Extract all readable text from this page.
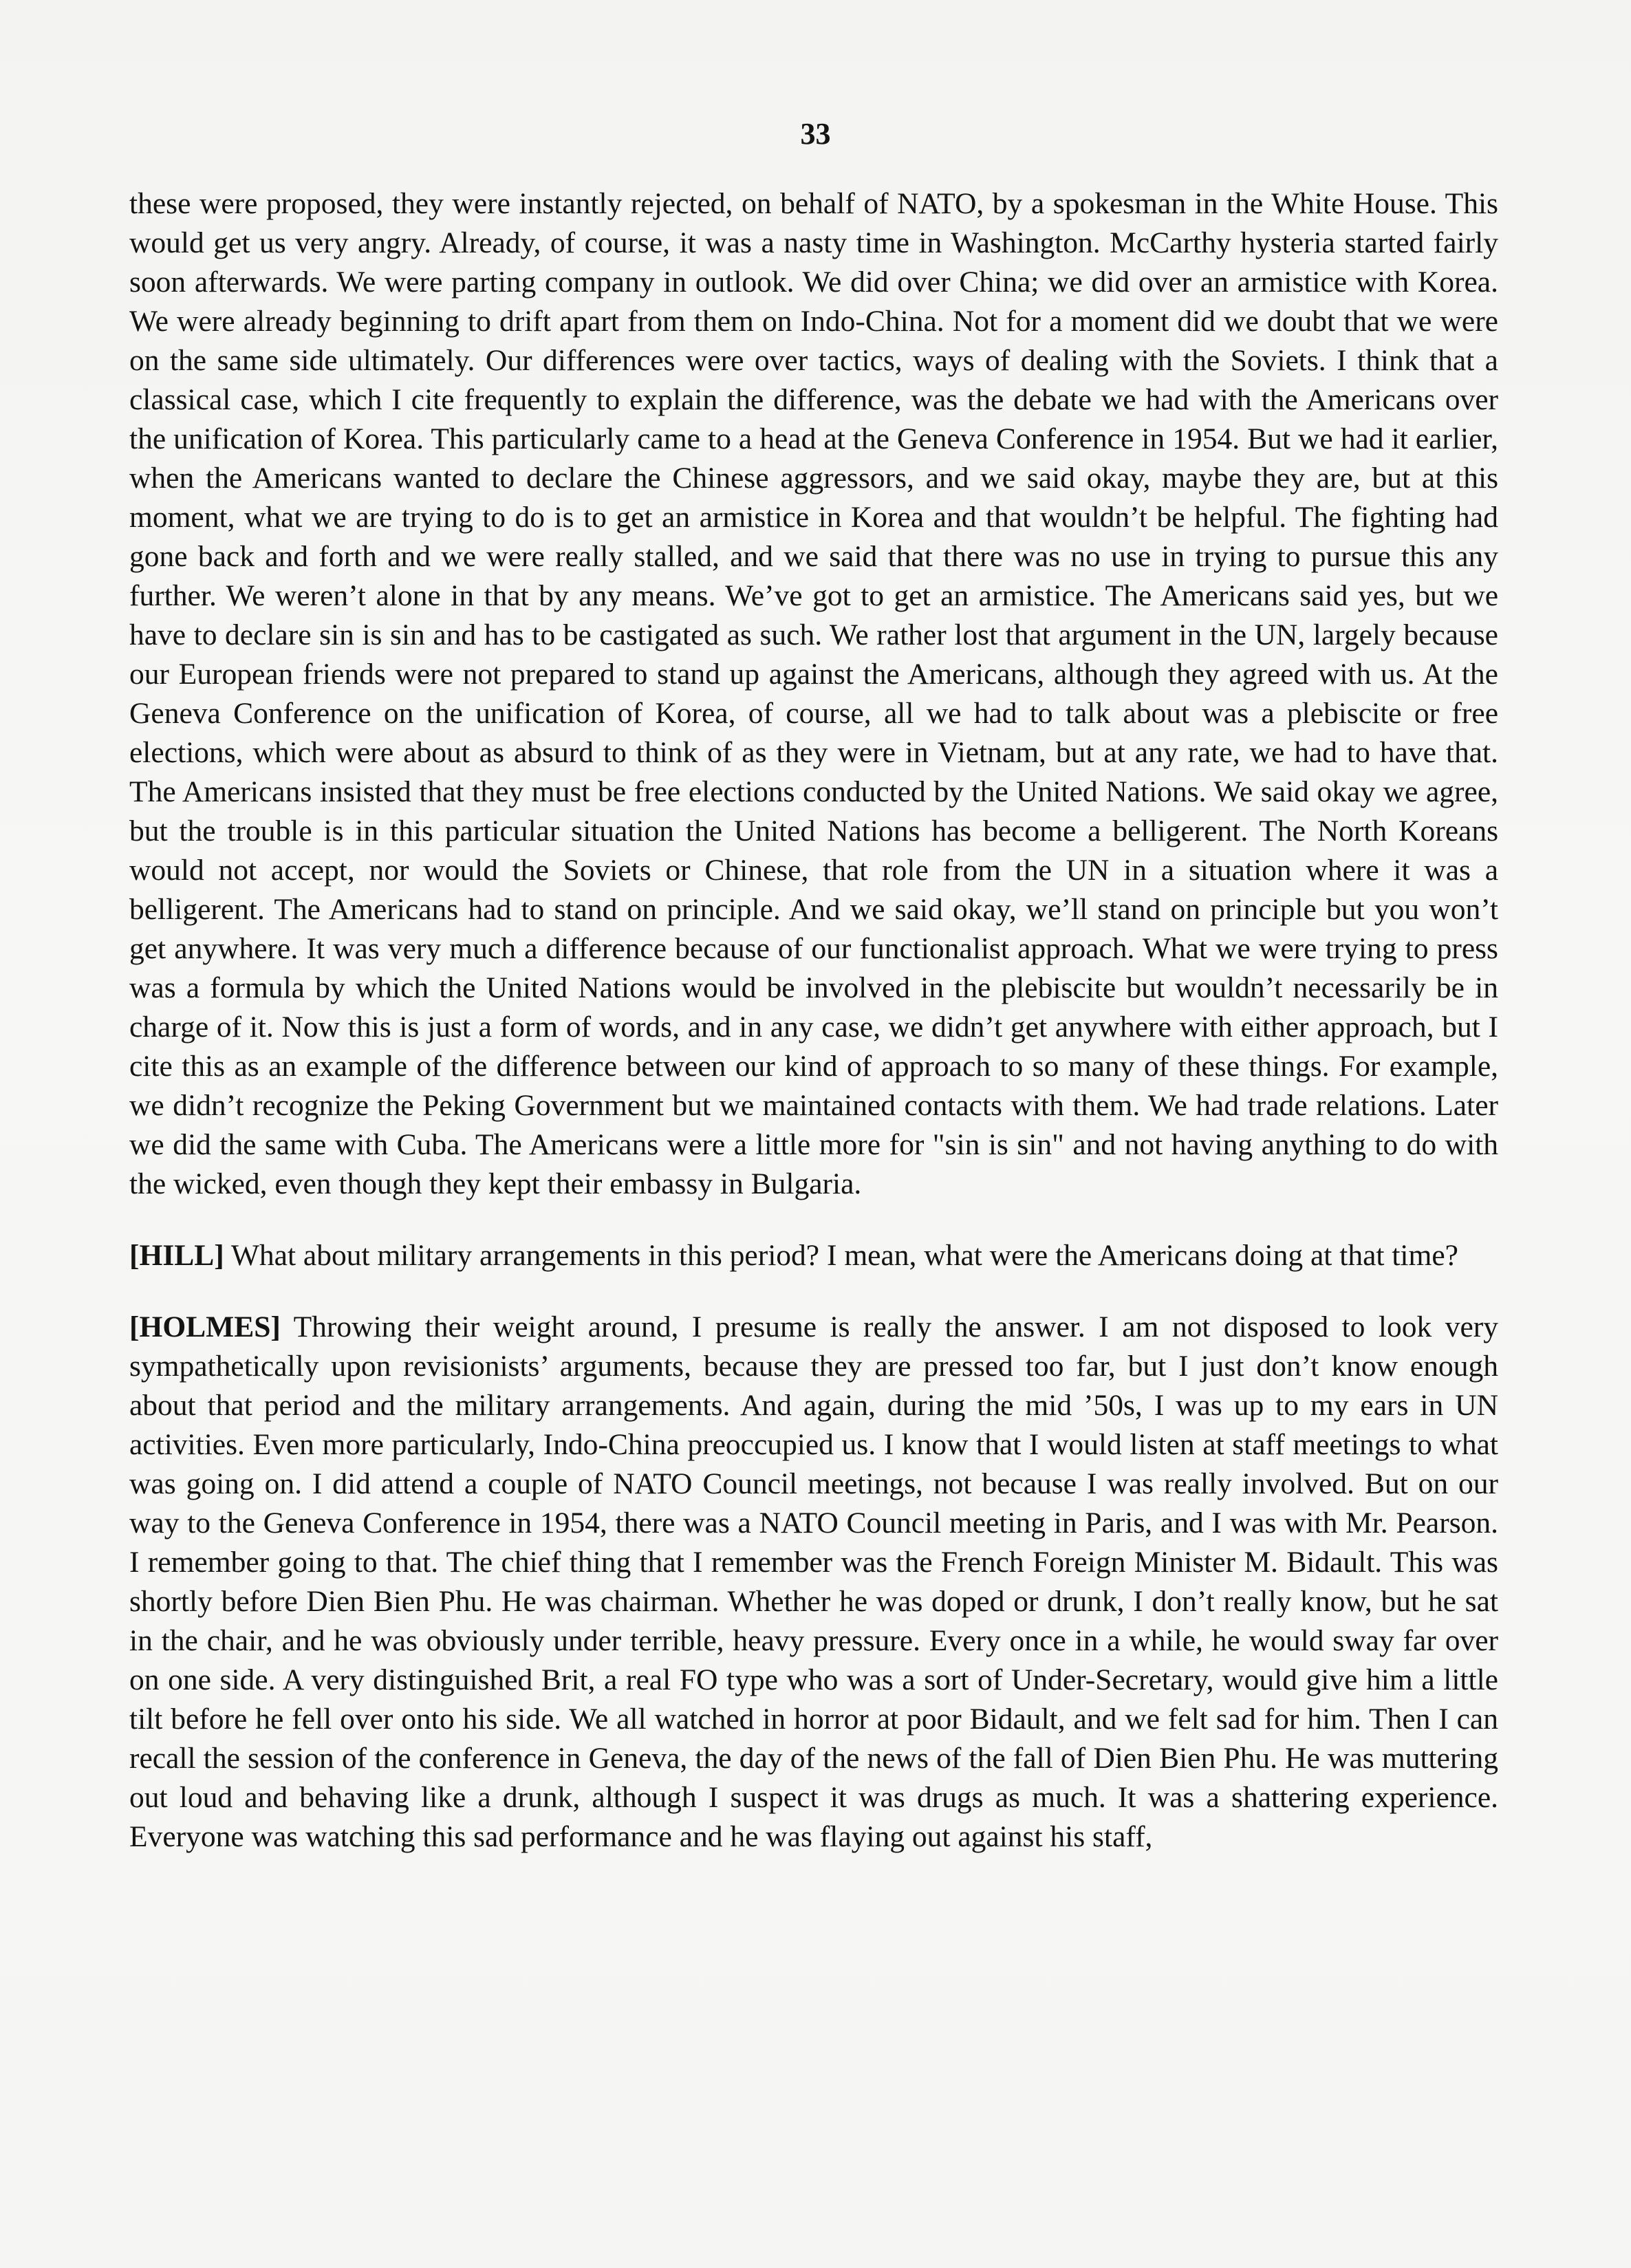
33

these were proposed, they were instantly rejected, on behalf of NATO, by a spokesman in the White House. This would get us very angry. Already, of course, it was a nasty time in Washington. McCarthy hysteria started fairly soon afterwards. We were parting company in outlook. We did over China; we did over an armistice with Korea. We were already beginning to drift apart from them on Indo-China. Not for a moment did we doubt that we were on the same side ultimately. Our differences were over tactics, ways of dealing with the Soviets. I think that a classical case, which I cite frequently to explain the difference, was the debate we had with the Americans over the unification of Korea. This particularly came to a head at the Geneva Conference in 1954. But we had it earlier, when the Americans wanted to declare the Chinese aggressors, and we said okay, maybe they are, but at this moment, what we are trying to do is to get an armistice in Korea and that wouldn’t be helpful. The fighting had gone back and forth and we were really stalled, and we said that there was no use in trying to pursue this any further. We weren’t alone in that by any means. We’ve got to get an armistice. The Americans said yes, but we have to declare sin is sin and has to be castigated as such. We rather lost that argument in the UN, largely because our European friends were not prepared to stand up against the Americans, although they agreed with us. At the Geneva Conference on the unification of Korea, of course, all we had to talk about was a plebiscite or free elections, which were about as absurd to think of as they were in Vietnam, but at any rate, we had to have that. The Americans insisted that they must be free elections conducted by the United Nations. We said okay we agree, but the trouble is in this particular situation the United Nations has become a belligerent. The North Koreans would not accept, nor would the Soviets or Chinese, that role from the UN in a situation where it was a belligerent. The Americans had to stand on principle. And we said okay, we’ll stand on principle but you won’t get anywhere. It was very much a difference because of our functionalist approach. What we were trying to press was a formula by which the United Nations would be involved in the plebiscite but wouldn’t necessarily be in charge of it. Now this is just a form of words, and in any case, we didn’t get anywhere with either approach, but I cite this as an example of the difference between our kind of approach to so many of these things. For example, we didn’t recognize the Peking Government but we maintained contacts with them. We had trade relations. Later we did the same with Cuba. The Americans were a little more for "sin is sin" and not having anything to do with the wicked, even though they kept their embassy in Bulgaria.

[HILL] What about military arrangements in this period? I mean, what were the Americans doing at that time?

[HOLMES] Throwing their weight around, I presume is really the answer. I am not disposed to look very sympathetically upon revisionists’ arguments, because they are pressed too far, but I just don’t know enough about that period and the military arrangements. And again, during the mid ’50s, I was up to my ears in UN activities. Even more particularly, Indo-China preoccupied us. I know that I would listen at staff meetings to what was going on. I did attend a couple of NATO Council meetings, not because I was really involved. But on our way to the Geneva Conference in 1954, there was a NATO Council meeting in Paris, and I was with Mr. Pearson. I remember going to that. The chief thing that I remember was the French Foreign Minister M. Bidault. This was shortly before Dien Bien Phu. He was chairman. Whether he was doped or drunk, I don’t really know, but he sat in the chair, and he was obviously under terrible, heavy pressure. Every once in a while, he would sway far over on one side. A very distinguished Brit, a real FO type who was a sort of Under-Secretary, would give him a little tilt before he fell over onto his side. We all watched in horror at poor Bidault, and we felt sad for him. Then I can recall the session of the conference in Geneva, the day of the news of the fall of Dien Bien Phu. He was muttering out loud and behaving like a drunk, although I suspect it was drugs as much. It was a shattering experience. Everyone was watching this sad performance and he was flaying out against his staff,
